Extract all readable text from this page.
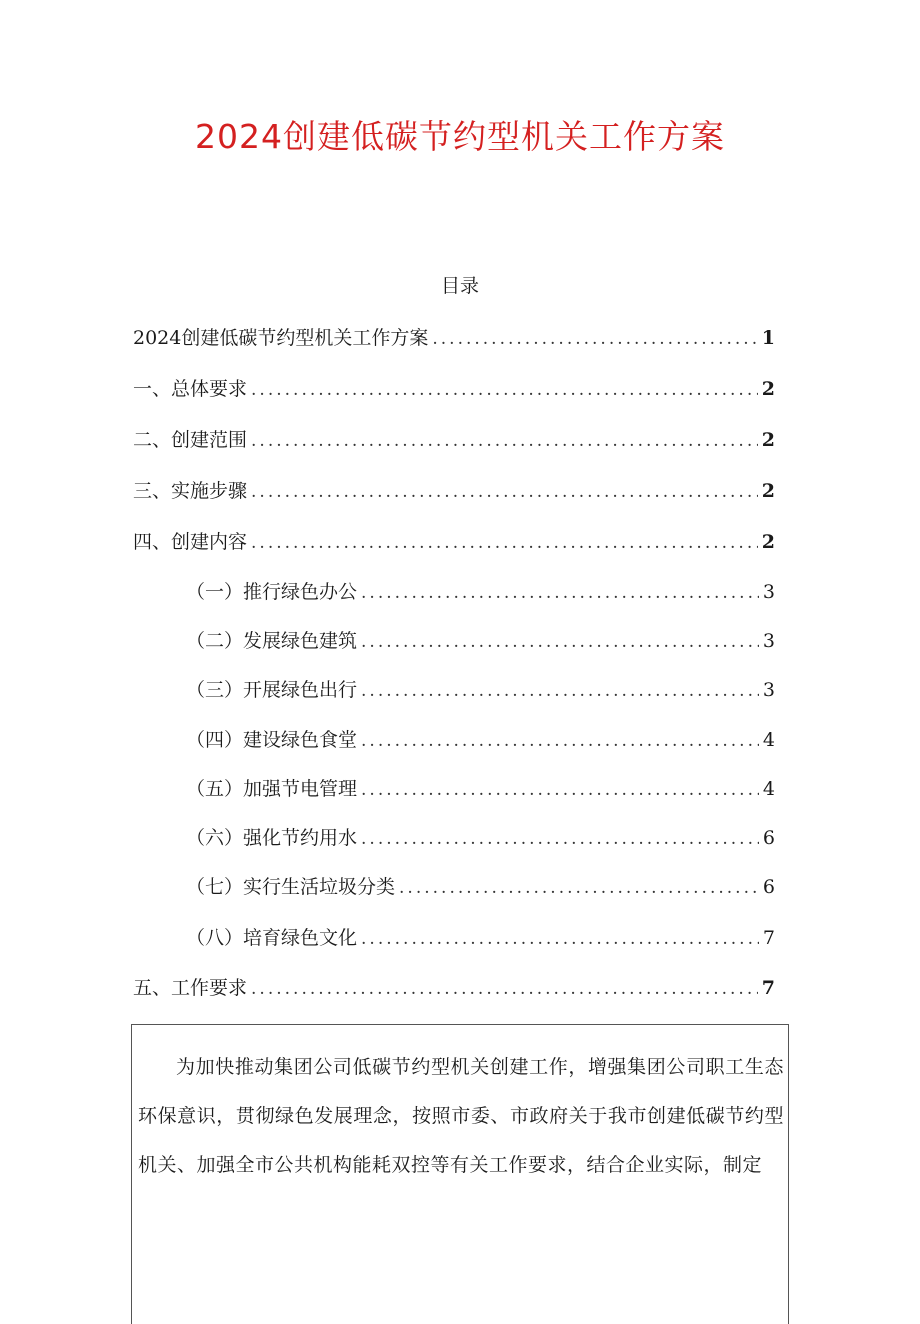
2024创建低碳节约型机关工作方案
目录
2024创建低碳节约型机关工作方案 .....	1
一、总体要求 .....	2
二、创建范围 .....	2
三、实施步骤 .....	2
四、创建内容 .....	2
（一）推行绿色办公 .....	3
（二）发展绿色建筑 .....	3
（三）开展绿色出行 .....	3
（四）建设绿色食堂 .....	4
（五）加强节电管理 .....	4
（六）强化节约用水 .....	6
（七）实行生活垃圾分类 .....	6
（八）培育绿色文化 .....	7
五、工作要求 .....	7
为加快推动集团公司低碳节约型机关创建工作，增强集团公司职工生态环保意识，贯彻绿色发展理念，按照市委、市政府关于我市创建低碳节约型机关、加强全市公共机构能耗双控等有关工作要求，结合企业实际，制定
